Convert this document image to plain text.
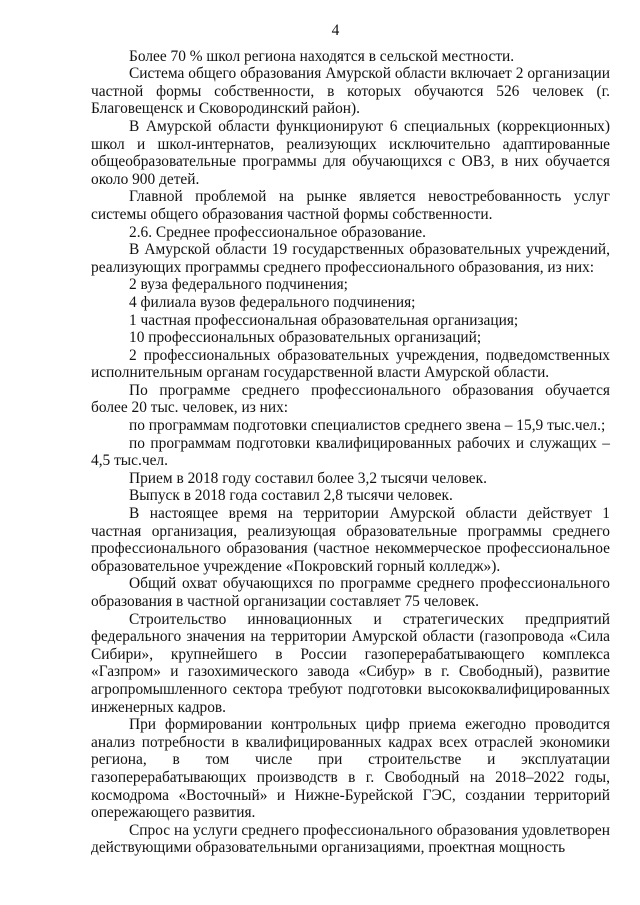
4

Более 70 % школ региона находятся в сельской местности.

Система общего образования Амурской области включает 2 организации частной формы собственности, в которых обучаются 526 человек (г. Благовещенск и Сковородинский район).

В Амурской области функционируют 6 специальных (коррекционных) школ и школ-интернатов, реализующих исключительно адаптированные общеобразовательные программы для обучающихся с ОВЗ, в них обучается около 900 детей.

Главной проблемой на рынке является невостребованность услуг системы общего образования частной формы собственности.

2.6. Среднее профессиональное образование.

В Амурской области 19 государственных образовательных учреждений, реализующих программы среднего профессионального образования, из них:

2 вуза федерального подчинения;

4 филиала вузов федерального подчинения;

1 частная профессиональная образовательная организация;

10 профессиональных образовательных организаций;

2 профессиональных образовательных учреждения, подведомственных исполнительным органам государственной власти Амурской области.

По программе среднего профессионального образования обучается более 20 тыс. человек, из них:

по программам подготовки специалистов среднего звена – 15,9 тыс.чел.;

по программам подготовки квалифицированных рабочих и служащих – 4,5 тыс.чел.

Прием в 2018 году составил более 3,2 тысячи человек.

Выпуск в 2018 года составил 2,8 тысячи человек.

В настоящее время на территории Амурской области действует 1 частная организация, реализующая образовательные программы среднего профессионального образования (частное некоммерческое профессиональное образовательное учреждение «Покровский горный колледж»).

Общий охват обучающихся по программе среднего профессионального образования в частной организации составляет 75 человек.

Строительство инновационных и стратегических предприятий федерального значения на территории Амурской области (газопровода «Сила Сибири», крупнейшего в России газоперерабатывающего комплекса «Газпром» и газохимического завода «Сибур» в г. Свободный), развитие агропромышленного сектора требуют подготовки высококвалифицированных инженерных кадров.

При формировании контрольных цифр приема ежегодно проводится анализ потребности в квалифицированных кадрах всех отраслей экономики региона, в том числе при строительстве и эксплуатации газоперерабатывающих производств в г. Свободный на 2018–2022 годы, космодрома «Восточный» и Нижне-Бурейской ГЭС, создании территорий опережающего развития.

Спрос на услуги среднего профессионального образования удовлетворен действующими образовательными организациями, проектная мощность
